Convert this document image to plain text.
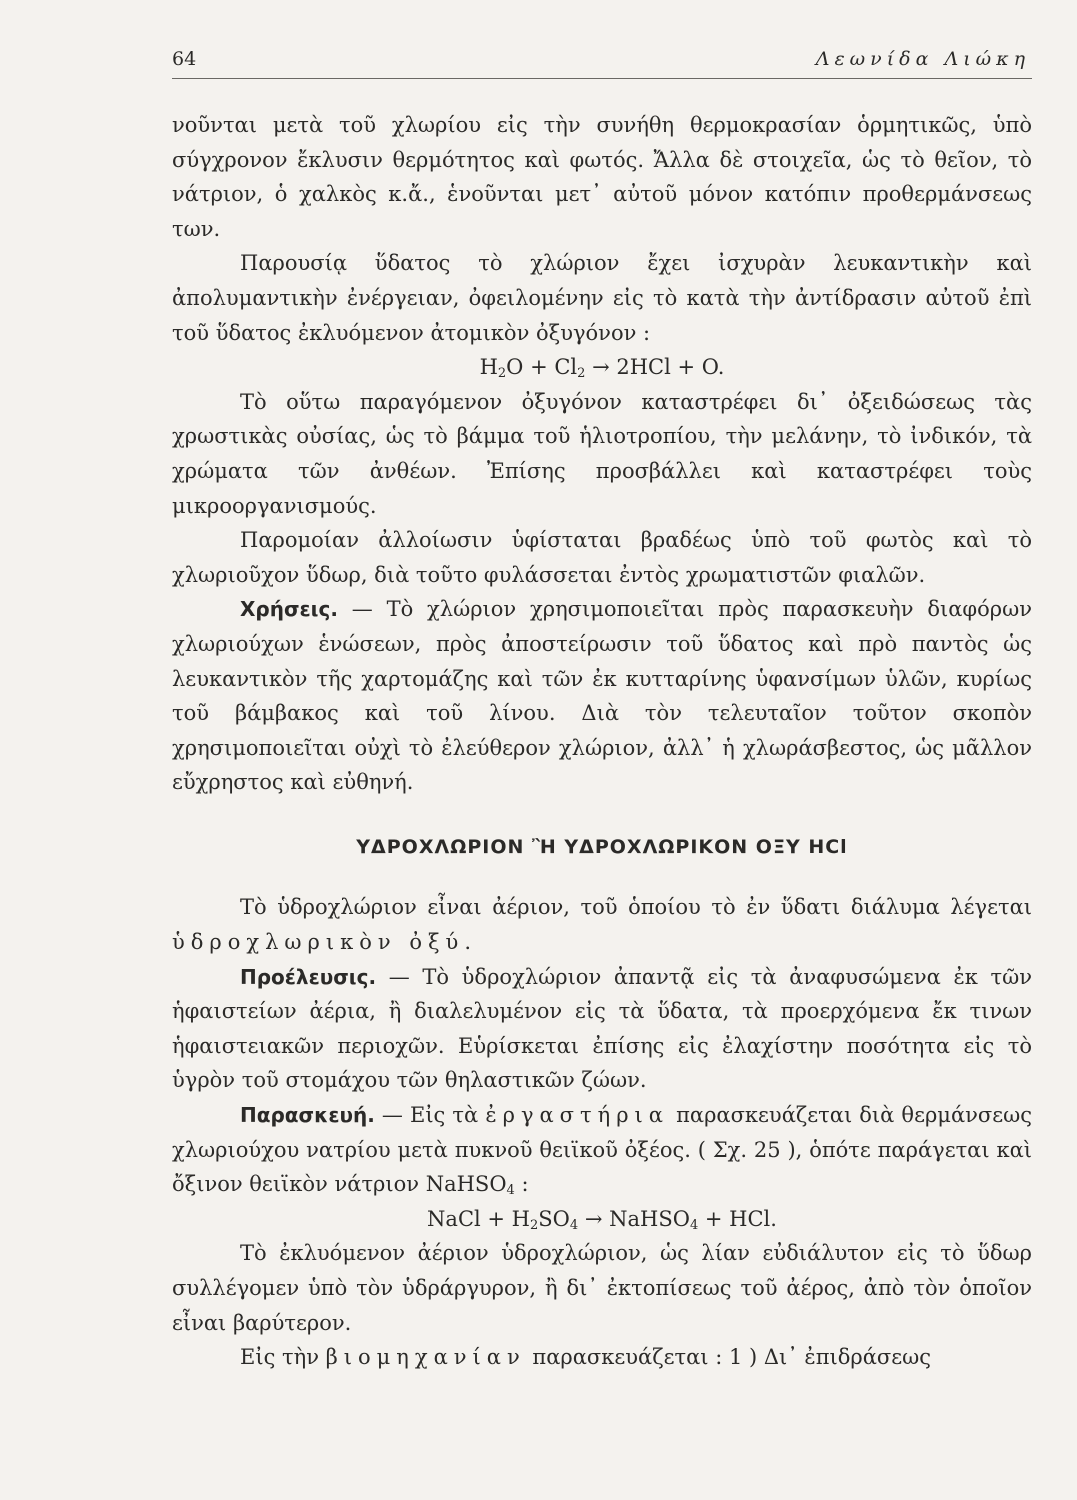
64	Λεωνίδα Λιώκη

νοῦνται μετὰ τοῦ χλωρίου εἰς τὴν συνήθη θερμοκρασίαν ὁρμητικῶς, ὑπὸ σύγχρονον ἔκλυσιν θερμότητος καὶ φωτός. Ἄλλα δὲ στοιχεῖα, ὡς τὸ θεῖον, τὸ νάτριον, ὁ χαλκὸς κ.ἄ., ἑνοῦνται μετ᾽ αὐτοῦ μόνον κατόπιν προθερμάνσεως των.

Παρουσίᾳ ὕδατος τὸ χλώριον ἔχει ἰσχυρὰν λευκαντικὴν καὶ ἀπολυμαντικὴν ἐνέργειαν, ὀφειλομένην εἰς τὸ κατὰ τὴν ἀντίδρασιν αὐτοῦ ἐπὶ τοῦ ὕδατος ἐκλυόμενον ἀτομικὸν ὀξυγόνον :

$H_2O + Cl_2 \to 2HCl + O$.

Τὸ οὕτω παραγόμενον ὀξυγόνον καταστρέφει δι᾽ ὀξειδώσεως τὰς χρωστικὰς οὐσίας, ὡς τὸ βάμμα τοῦ ἡλιοτροπίου, τὴν μελάνην, τὸ ἰνδικόν, τὰ χρώματα τῶν ἀνθέων. Ἐπίσης προσβάλλει καὶ καταστρέφει τοὺς μικροοργανισμούς.

Παρομοίαν ἀλλοίωσιν ὑφίσταται βραδέως ὑπὸ τοῦ φωτὸς καὶ τὸ χλωριοῦχον ὕδωρ, διὰ τοῦτο φυλάσσεται ἐντὸς χρωματιστῶν φιαλῶν.

Χρήσεις. — Τὸ χλώριον χρησιμοποιεῖται πρὸς παρασκευὴν διαφόρων χλωριούχων ἑνώσεων, πρὸς ἀποστείρωσιν τοῦ ὕδατος καὶ πρὸ παντὸς ὡς λευκαντικὸν τῆς χαρτομάζης καὶ τῶν ἐκ κυτταρίνης ὑφανσίμων ὑλῶν, κυρίως τοῦ βάμβακος καὶ τοῦ λίνου. Διὰ τὸν τελευταῖον τοῦτον σκοπὸν χρησιμοποιεῖται οὐχὶ τὸ ἐλεύθερον χλώριον, ἀλλ᾽ ἡ χλωράσβεστος, ὡς μᾶλλον εὔχρηστος καὶ εὐθηνή.

ΥΔΡΟΧΛΩΡΙΟΝ Ἢ ΥΔΡΟΧΛΩΡΙΚΟΝ ΟΞΥ HCl

Τὸ ὑδροχλώριον εἶναι ἀέριον, τοῦ ὁποίου τὸ ἐν ὕδατι διάλυμα λέγεται ὑδροχλωρικὸν ὀξύ.

Προέλευσις. — Τὸ ὑδροχλώριον ἀπαντᾷ εἰς τὰ ἀναφυσώμενα ἐκ τῶν ἡφαιστείων ἀέρια, ἢ διαλελυμένον εἰς τὰ ὕδατα, τὰ προερχόμενα ἔκ τινων ἡφαιστειακῶν περιοχῶν. Εὑρίσκεται ἐπίσης εἰς ἐλαχίστην ποσότητα εἰς τὸ ὑγρὸν τοῦ στομάχου τῶν θηλαστικῶν ζώων.

Παρασκευή. — Εἰς τὰ ἐργαστήρια παρασκευάζεται διὰ θερμάνσεως χλωριούχου νατρίου μετὰ πυκνοῦ θειϊκοῦ ὀξέος. ( Σχ. 25 ), ὁπότε παράγεται καὶ ὄξινον θειϊκὸν νάτριον NaHSO$_4$ :

NaCl + $H_2SO_4$ → NaHSO$_4$ + HCl.

Τὸ ἐκλυόμενον ἀέριον ὑδροχλώριον, ὡς λίαν εὐδιάλυτον εἰς τὸ ὕδωρ συλλέγομεν ὑπὸ τὸν ὑδράργυρον, ἢ δι᾽ ἐκτοπίσεως τοῦ ἀέρος, ἀπὸ τὸν ὁποῖον εἶναι βαρύτερον.

Εἰς τὴν βιομηχανίαν παρασκευάζεται : 1 ) Δι᾽ ἐπιδράσεως
